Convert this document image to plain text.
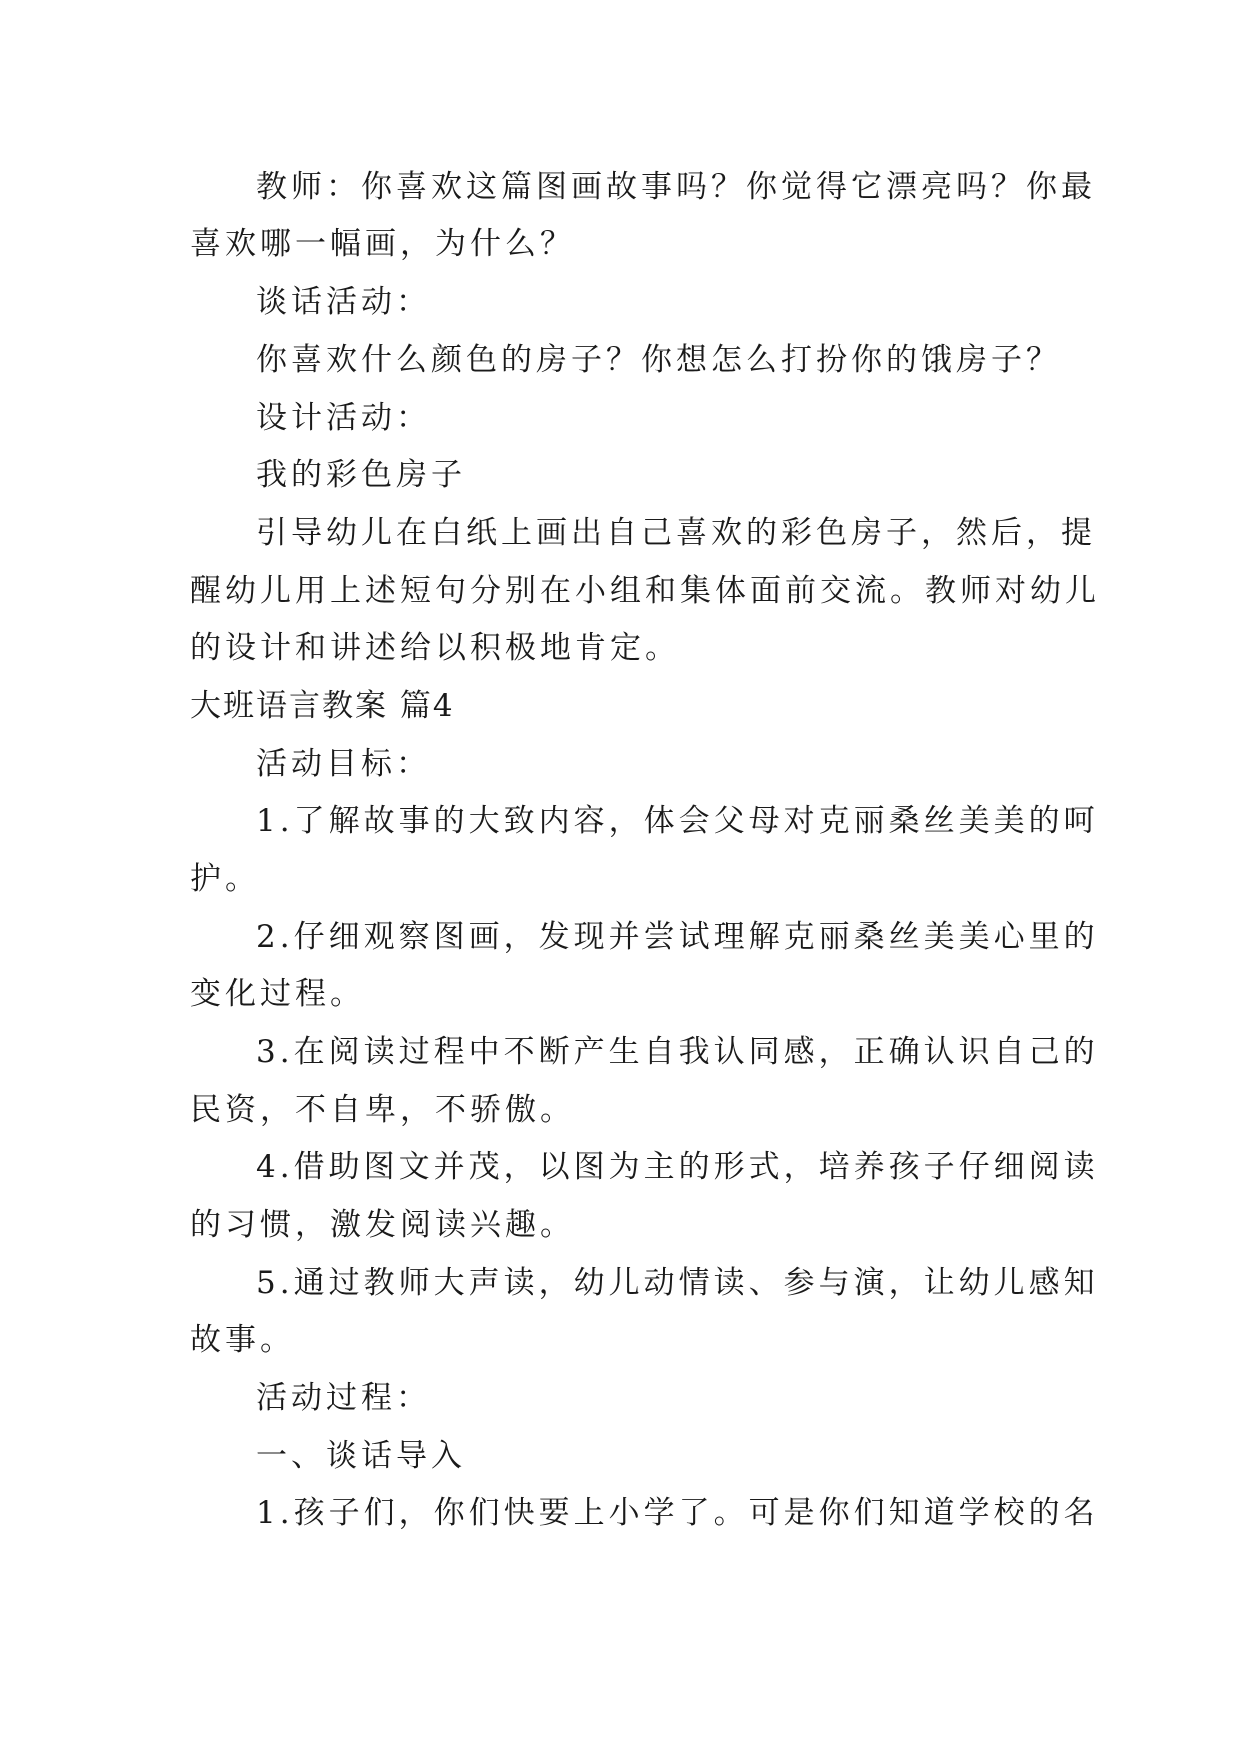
教师：你喜欢这篇图画故事吗？你觉得它漂亮吗？你最
喜欢哪一幅画，为什么？
谈话活动：
你喜欢什么颜色的房子？你想怎么打扮你的饿房子？
设计活动：
我的彩色房子
引导幼儿在白纸上画出自己喜欢的彩色房子，然后，提
醒幼儿用上述短句分别在小组和集体面前交流。教师对幼儿
的设计和讲述给以积极地肯定。
大班语言教案 篇4
活动目标：
1.了解故事的大致内容，体会父母对克丽桑丝美美的呵
护。
2.仔细观察图画，发现并尝试理解克丽桑丝美美心里的
变化过程。
3.在阅读过程中不断产生自我认同感，正确认识自己的
民资，不自卑，不骄傲。
4.借助图文并茂，以图为主的形式，培养孩子仔细阅读
的习惯，激发阅读兴趣。
5.通过教师大声读，幼儿动情读、参与演，让幼儿感知
故事。
活动过程：
一、谈话导入
1.孩子们，你们快要上小学了。可是你们知道学校的名
